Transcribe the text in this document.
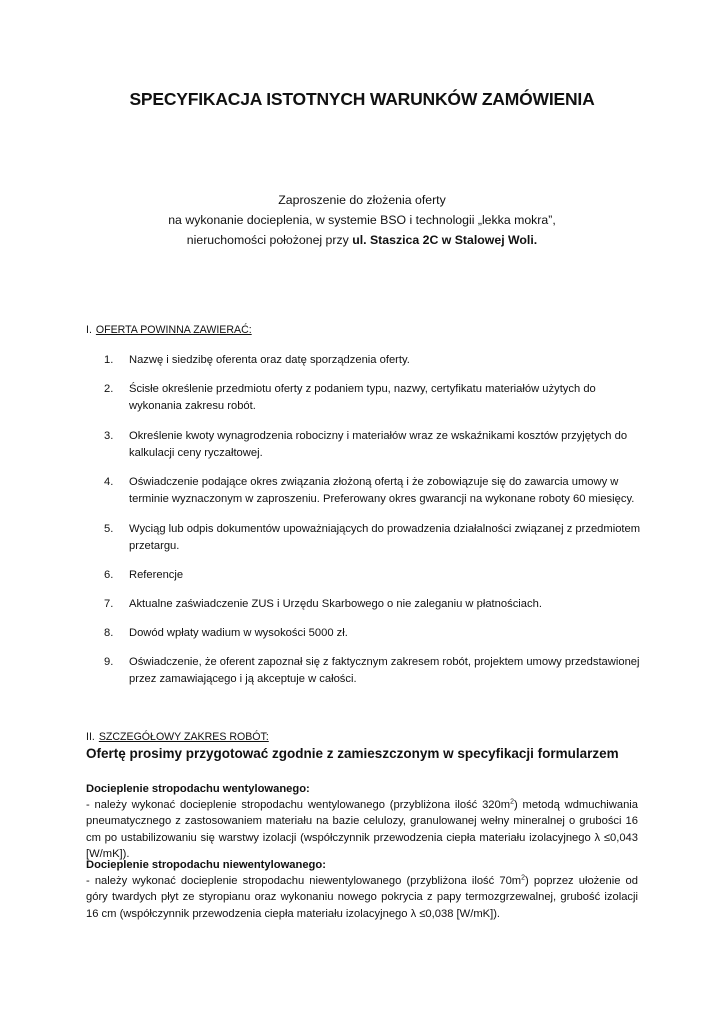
SPECYFIKACJA ISTOTNYCH WARUNKÓW ZAMÓWIENIA
Zaproszenie do złożenia oferty
na wykonanie docieplenia, w systemie BSO i technologii „lekka mokra”,
nieruchomości położonej przy ul. Staszica 2C w Stalowej Woli.
I. OFERTA POWINNA ZAWIERAĆ:
1.	Nazwę i siedzibę oferenta oraz datę sporządzenia oferty.
2.	Ścisłe określenie przedmiotu oferty z podaniem typu, nazwy, certyfikatu materiałów użytych do wykonania zakresu robót.
3.	Określenie kwoty wynagrodzenia robocizny i materiałów wraz ze wskaźnikami kosztów przyjętych do kalkulacji ceny ryczałtowej.
4.	Oświadczenie podające okres związania złożoną ofertą i że zobowiązuje się do zawarcia umowy w terminie wyznaczonym w zaproszeniu. Preferowany okres gwarancji na wykonane roboty 60 miesięcy.
5.	Wyciąg lub odpis dokumentów upoważniających do prowadzenia działalności związanej z przedmiotem przetargu.
6.	Referencje
7.	Aktualne zaświadczenie ZUS i Urzędu Skarbowego o nie zaleganiu w płatnościach.
8.	Dowód wpłaty wadium w wysokości 5000 zł.
9.	Oświadczenie, że oferent zapoznał się z faktycznym zakresem robót, projektem umowy przedstawionej przez zamawiającego i ją akceptuje w całości.
II. SZCZEGÓŁOWY ZAKRES ROBÓT:
Ofertę prosimy przygotować zgodnie z zamieszczonym w specyfikacji formularzem
Docieplenie stropodachu wentylowanego:
- należy wykonać docieplenie stropodachu wentylowanego (przybliżona ilość $320m^2$) metodą wdmuchiwania pneumatycznego z zastosowaniem materiału na bazie celulozy, granulowanej wełny mineralnej o grubości 16 cm po ustabilizowaniu się warstwy izolacji (współczynnik przewodzenia ciepła materiału izolacyjnego λ ≤0,043 [W/mK]).
Docieplenie stropodachu niewentylowanego:
- należy wykonać docieplenie stropodachu niewentylowanego (przybliżona ilość $70m^2$) poprzez ułożenie od góry twardych płyt ze styropianu oraz wykonaniu nowego pokrycia z papy termozgrzewalnej, grubość izolacji 16 cm (współczynnik przewodzenia ciepła materiału izolacyjnego λ ≤0,038 [W/mK]).
